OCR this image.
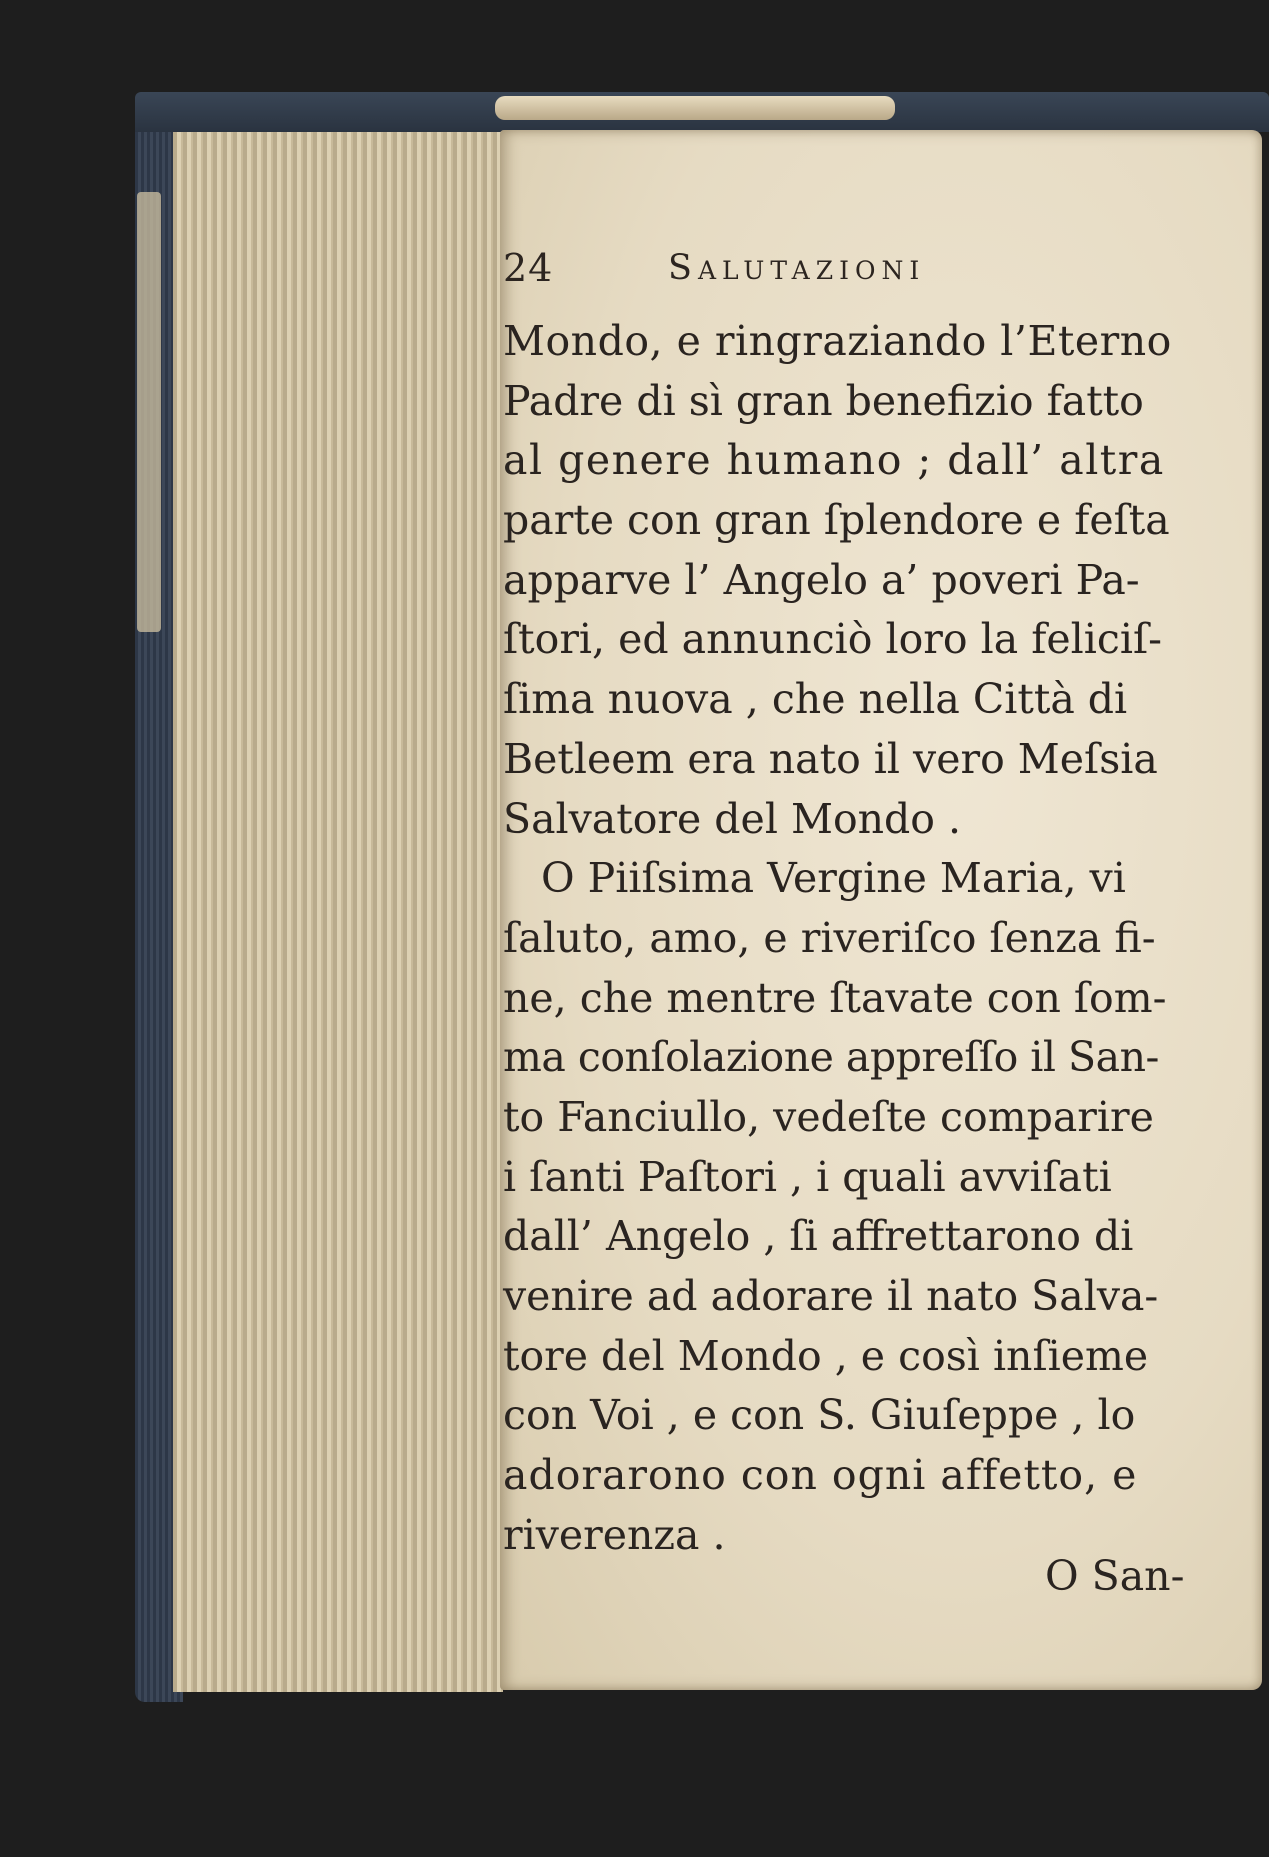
24	Salutazioni
Mondo, e ringraziando l’Eterno
Padre di sì gran benefizio fatto
al genere humano ; dall’ altra
parte con gran ſplendore e feſta
apparve l’ Angelo a’ poveri Pa-
ſtori, ed annunciò loro la feliciſ-
ſima nuova , che nella Città di
Betleem era nato il vero Meſsia
Salvatore del Mondo .
O Piiſsima Vergine Maria, vi
ſaluto, amo, e riveriſco ſenza fi-
ne, che mentre ſtavate con ſom-
ma conſolazione appreſſo il San-
to Fanciullo, vedeſte comparire
i ſanti Paſtori , i quali avviſati
dall’ Angelo , ſi affrettarono di
venire ad adorare il nato Salva-
tore del Mondo , e così inſieme
con Voi , e con S. Giuſeppe , lo
adorarono con ogni affetto, e
riverenza .
O San-
